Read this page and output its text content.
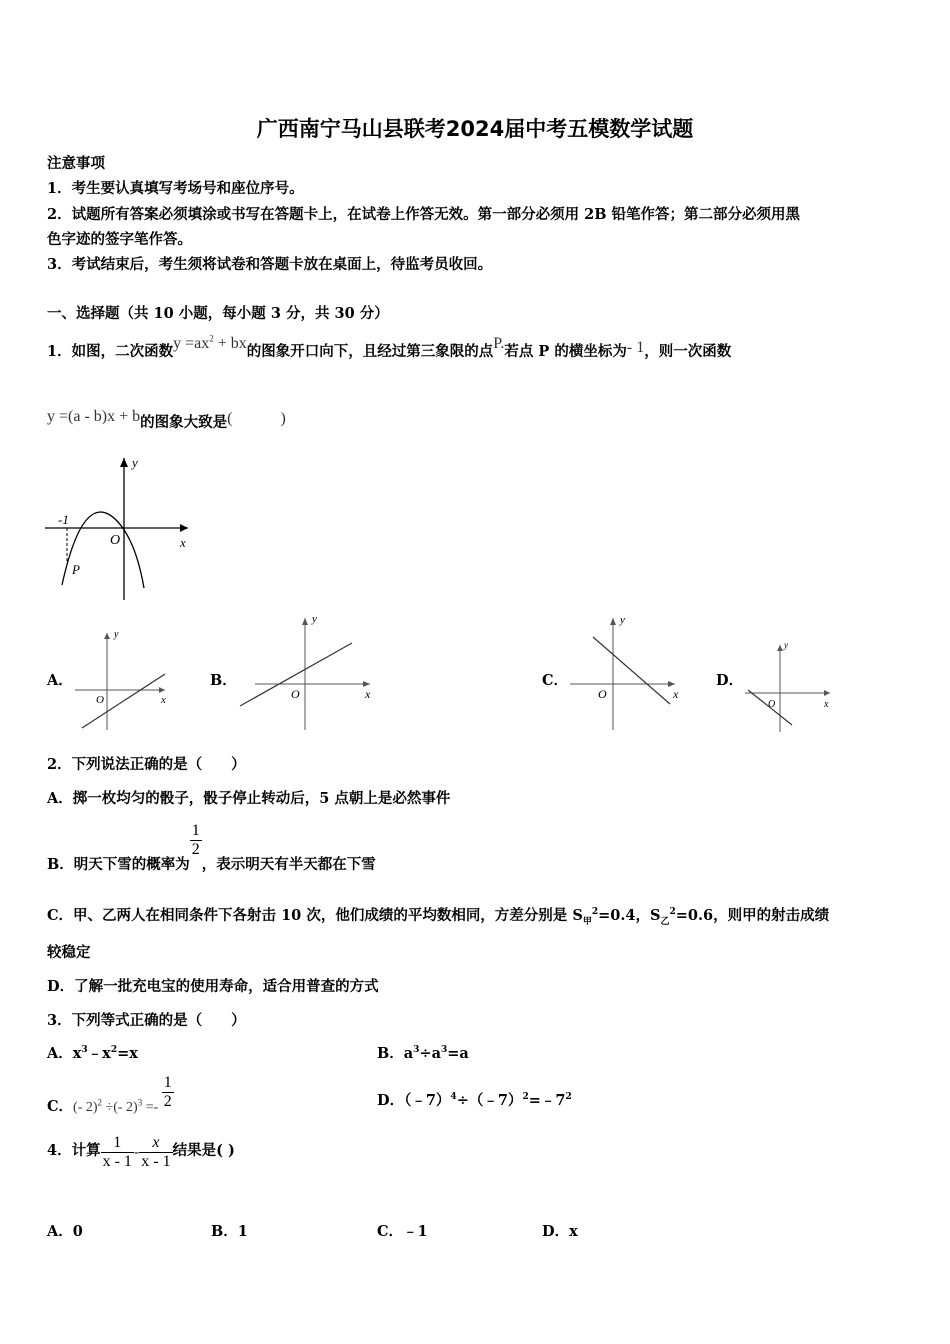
广西南宁马山县联考2024届中考五模数学试题
注意事项
1．考生要认真填写考场号和座位序号。
2．试题所有答案必须填涂或书写在答题卡上，在试卷上作答无效。第一部分必须用 2B 铅笔作答；第二部分必须用黑
色字迹的签字笔作答。
3．考试结束后，考生须将试卷和答题卡放在桌面上，待监考员收回。
一、选择题（共 10 小题，每小题 3 分，共 30 分）
1．如图，二次函数$y =ax^2$ + bx的图象开口向下，且经过第三象限的点P.若点 P 的横坐标为- 1，则一次函数
y =(a - b)x + b的图象大致是(　　　)
y
x
O
-1
P
A．
y
x
O
B．
y
x
O
C．
y
x
O
D．
y
x
O
2．下列说法正确的是（　　）
A．掷一枚均匀的骰子，骰子停止转动后，5 点朝上是必然事件
B．明天下雪的概率为
$\frac{1}{2}$
，表示明天有半天都在下雪
C．甲、乙两人在相同条件下各射击 10 次，他们成绩的平均数相同，方差分别是 $S_甲^2=0.4$，$S_乙^2=0.6$，则甲的射击成绩
较稳定
D．了解一批充电宝的使用寿命，适合用普查的方式
3．下列等式正确的是（　　）
A．$x^3﹣x^2=x$	B．$a^3\div a^3=a$
C．(- 2)$^2$ ÷(- $2)^3 =- \frac{1}{2}$	D．$(﹣7)^4\div(﹣7)^2=﹣7^2$
4．计算 $\frac{1}{x - 1} - \frac{x}{x - 1}$ 结果是( )
A．0	B．1	C．﹣1	D．x
